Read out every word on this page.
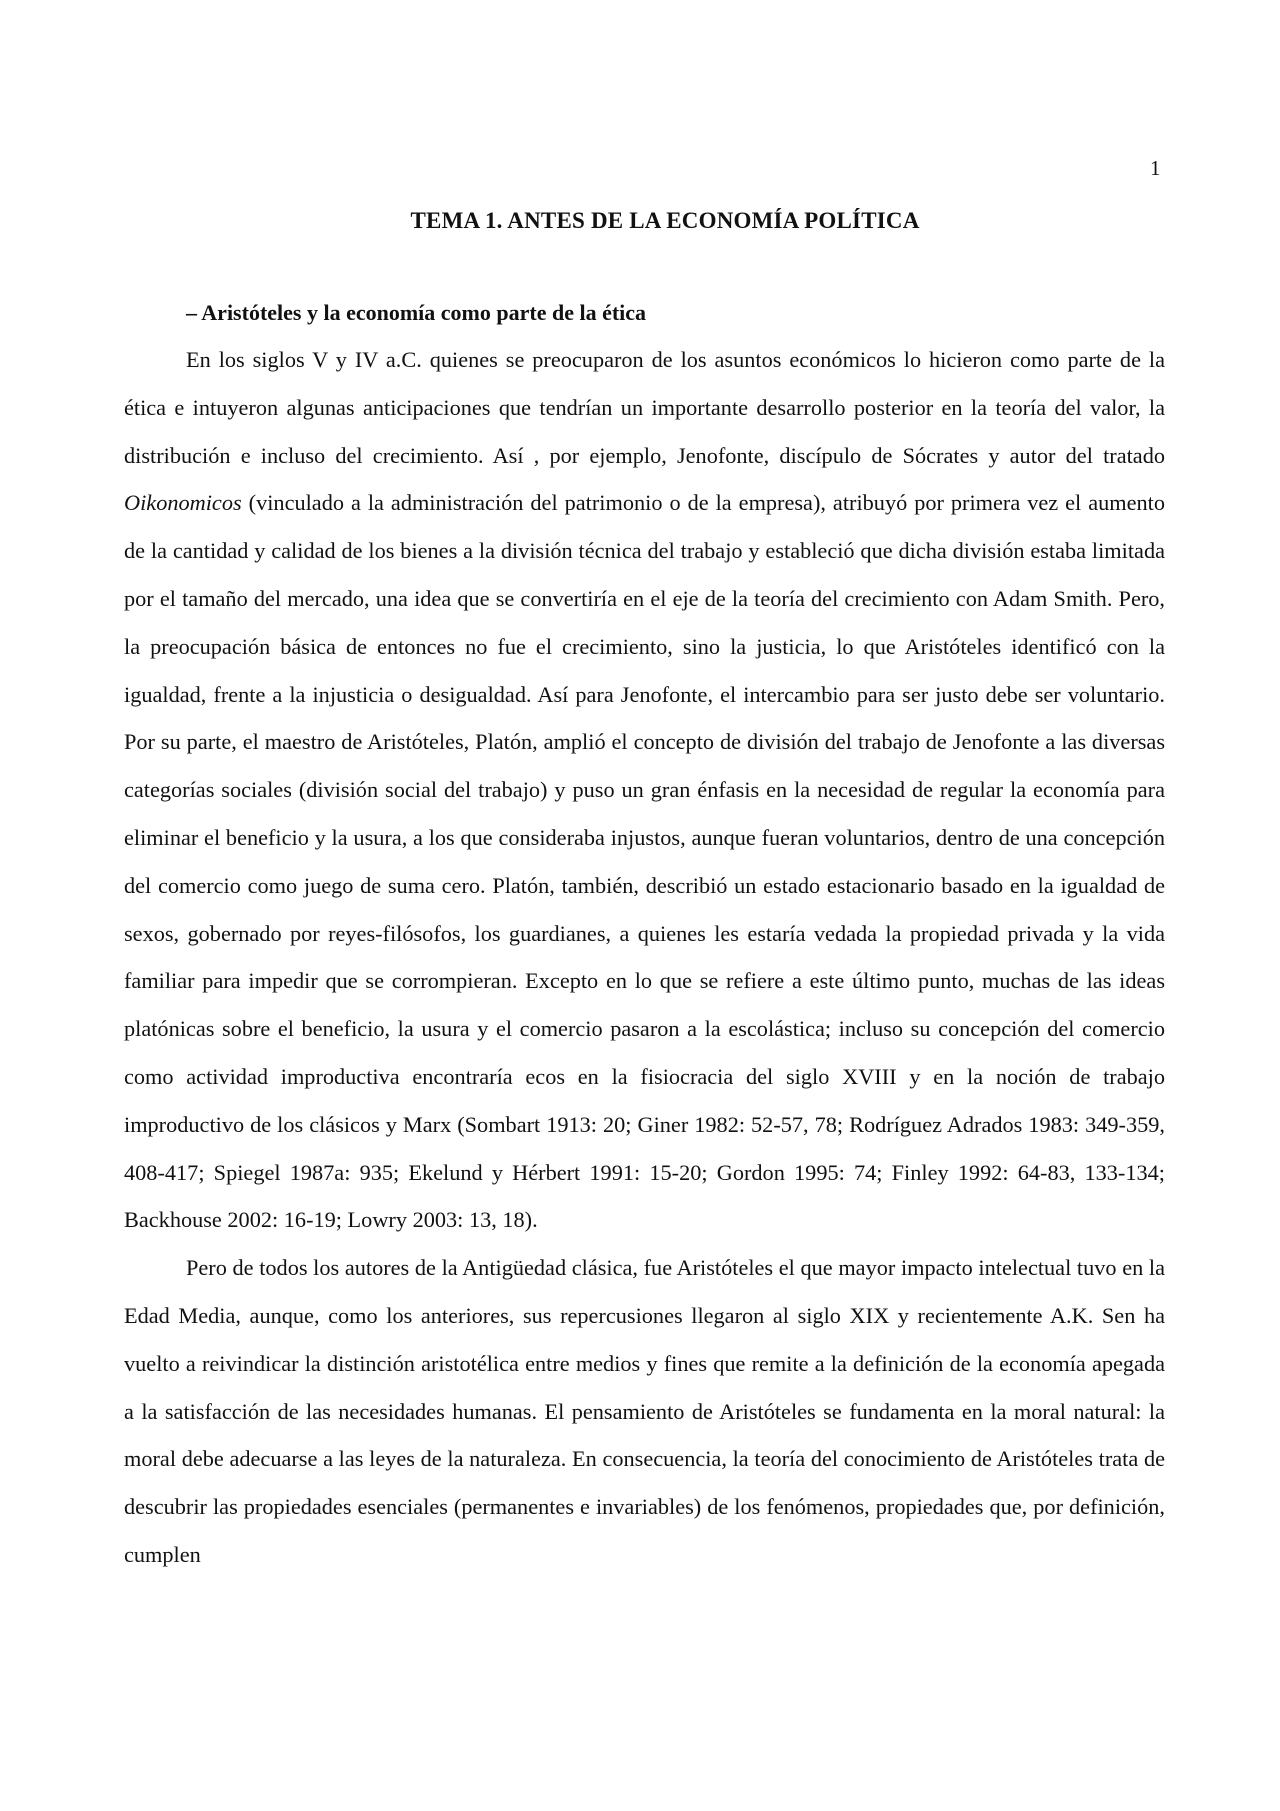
1
TEMA 1. ANTES DE LA ECONOMÍA POLÍTICA
– Aristóteles y la economía como parte de la ética

En los siglos V y IV a.C. quienes se preocuparon de los asuntos económicos lo hicieron como parte de la ética e intuyeron algunas anticipaciones que tendrían un importante desarrollo posterior en la teoría del valor, la distribución e incluso del crecimiento. Así , por ejemplo, Jenofonte, discípulo de Sócrates y autor del tratado Oikonomicos (vinculado a la administración del patrimonio o de la empresa), atribuyó por primera vez el aumento de la cantidad y calidad de los bienes a la división técnica del trabajo y estableció que dicha división estaba limitada por el tamaño del mercado, una idea que se convertiría en el eje de la teoría del crecimiento con Adam Smith. Pero, la preocupación básica de entonces no fue el crecimiento, sino la justicia, lo que Aristóteles identificó con la igualdad, frente a la injusticia o desigualdad. Así para Jenofonte, el intercambio para ser justo debe ser voluntario. Por su parte, el maestro de Aristóteles, Platón, amplió el concepto de división del trabajo de Jenofonte a las diversas categorías sociales (división social del trabajo) y puso un gran énfasis en la necesidad de regular la economía para eliminar el beneficio y la usura, a los que consideraba injustos, aunque fueran voluntarios, dentro de una concepción del comercio como juego de suma cero. Platón, también, describió un estado estacionario basado en la igualdad de sexos, gobernado por reyes-filósofos, los guardianes, a quienes les estaría vedada la propiedad privada y la vida familiar para impedir que se corrompieran. Excepto en lo que se refiere a este último punto, muchas de las ideas platónicas sobre el beneficio, la usura y el comercio pasaron a la escolástica; incluso su concepción del comercio como actividad improductiva encontraría ecos en la fisiocracia del siglo XVIII y en la noción de trabajo improductivo de los clásicos y Marx (Sombart 1913: 20; Giner 1982: 52-57, 78; Rodríguez Adrados 1983: 349-359, 408-417; Spiegel 1987a: 935; Ekelund y Hérbert 1991: 15-20; Gordon 1995: 74; Finley 1992: 64-83, 133-134; Backhouse 2002: 16-19; Lowry 2003: 13, 18).

Pero de todos los autores de la Antigüedad clásica, fue Aristóteles el que mayor impacto intelectual tuvo en la Edad Media, aunque, como los anteriores, sus repercusiones llegaron al siglo XIX y recientemente A.K. Sen ha vuelto a reivindicar la distinción aristotélica entre medios y fines que remite a la definición de la economía apegada a la satisfacción de las necesidades humanas. El pensamiento de Aristóteles se fundamenta en la moral natural: la moral debe adecuarse a las leyes de la naturaleza. En consecuencia, la teoría del conocimiento de Aristóteles trata de descubrir las propiedades esenciales (permanentes e invariables) de los fenómenos, propiedades que, por definición, cumplen
